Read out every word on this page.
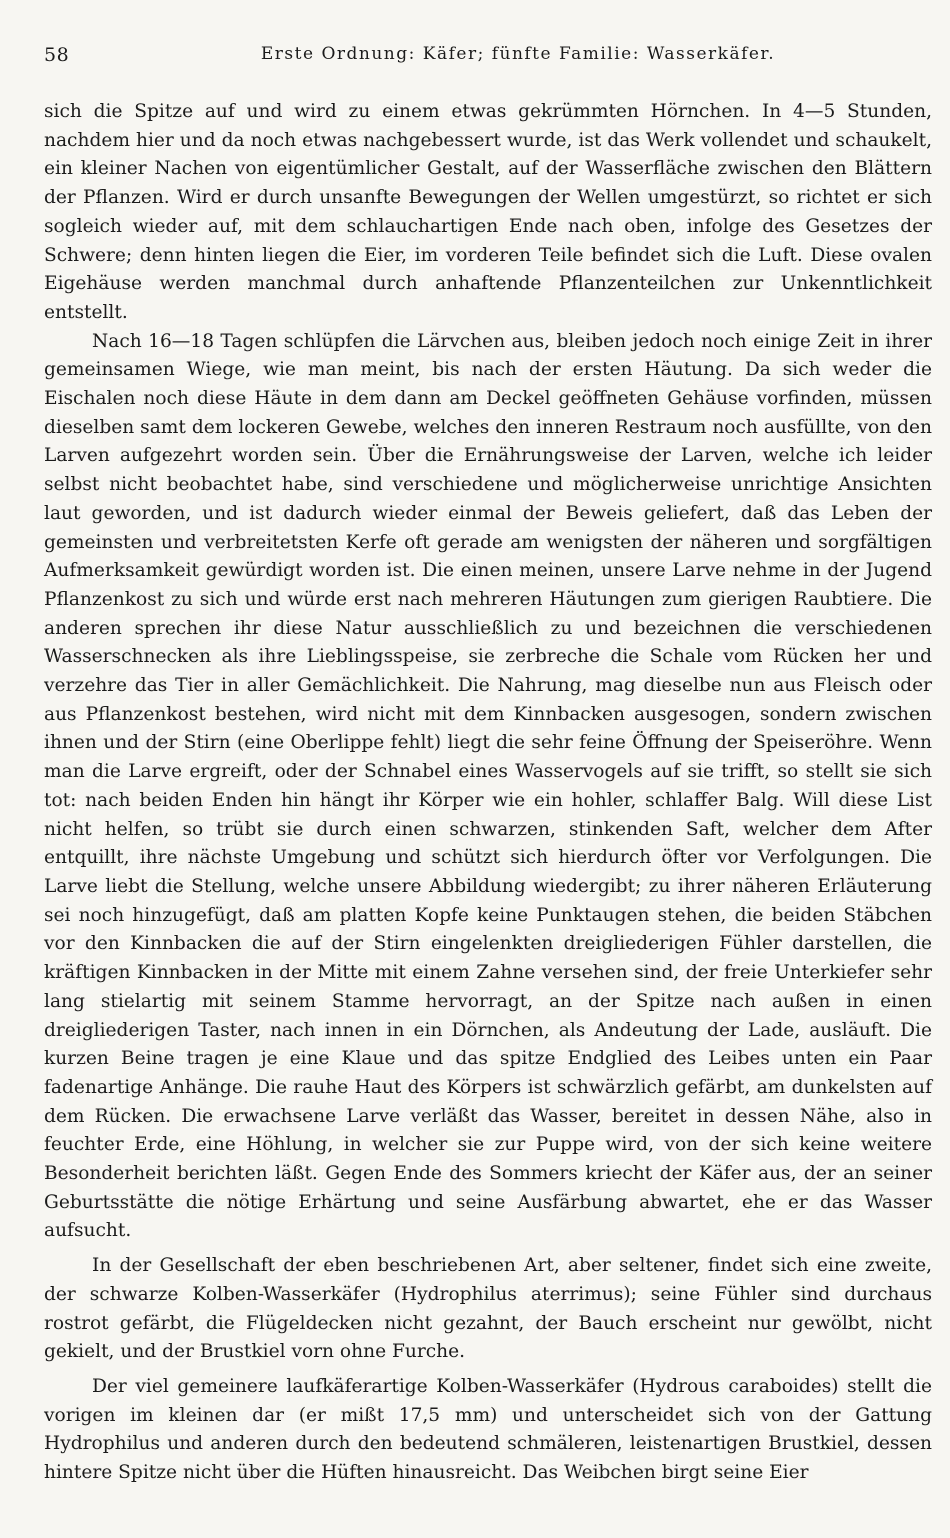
58	Erste Ordnung: Käfer; fünfte Familie: Wasserkäfer.

sich die Spitze auf und wird zu einem etwas gekrümmten Hörnchen. In 4—5 Stunden, nachdem hier und da noch etwas nachgebessert wurde, ist das Werk vollendet und schaukelt, ein kleiner Nachen von eigentümlicher Gestalt, auf der Wasserfläche zwischen den Blättern der Pflanzen. Wird er durch unsanfte Bewegungen der Wellen umgestürzt, so richtet er sich sogleich wieder auf, mit dem schlauchartigen Ende nach oben, infolge des Gesetzes der Schwere; denn hinten liegen die Eier, im vorderen Teile befindet sich die Luft. Diese ovalen Eigehäuse werden manchmal durch anhaftende Pflanzenteilchen zur Unkenntlichkeit entstellt.

Nach 16—18 Tagen schlüpfen die Lärvchen aus, bleiben jedoch noch einige Zeit in ihrer gemeinsamen Wiege, wie man meint, bis nach der ersten Häutung. Da sich weder die Eischalen noch diese Häute in dem dann am Deckel geöffneten Gehäuse vorfinden, müssen dieselben samt dem lockeren Gewebe, welches den inneren Restraum noch ausfüllte, von den Larven aufgezehrt worden sein. Über die Ernährungsweise der Larven, welche ich leider selbst nicht beobachtet habe, sind verschiedene und möglicherweise unrichtige Ansichten laut geworden, und ist dadurch wieder einmal der Beweis geliefert, daß das Leben der gemeinsten und verbreitetsten Kerfe oft gerade am wenigsten der näheren und sorgfältigen Aufmerksamkeit gewürdigt worden ist. Die einen meinen, unsere Larve nehme in der Jugend Pflanzenkost zu sich und würde erst nach mehreren Häutungen zum gierigen Raubtiere. Die anderen sprechen ihr diese Natur ausschließlich zu und bezeichnen die verschiedenen Wasserschnecken als ihre Lieblingsspeise, sie zerbreche die Schale vom Rücken her und verzehre das Tier in aller Gemächlichkeit. Die Nahrung, mag dieselbe nun aus Fleisch oder aus Pflanzenkost bestehen, wird nicht mit dem Kinnbacken ausgesogen, sondern zwischen ihnen und der Stirn (eine Oberlippe fehlt) liegt die sehr feine Öffnung der Speiseröhre. Wenn man die Larve ergreift, oder der Schnabel eines Wasservogels auf sie trifft, so stellt sie sich tot: nach beiden Enden hin hängt ihr Körper wie ein hohler, schlaffer Balg. Will diese List nicht helfen, so trübt sie durch einen schwarzen, stinkenden Saft, welcher dem After entquillt, ihre nächste Umgebung und schützt sich hierdurch öfter vor Verfolgungen. Die Larve liebt die Stellung, welche unsere Abbildung wiedergibt; zu ihrer näheren Erläuterung sei noch hinzugefügt, daß am platten Kopfe keine Punktaugen stehen, die beiden Stäbchen vor den Kinnbacken die auf der Stirn eingelenkten dreigliederigen Fühler darstellen, die kräftigen Kinnbacken in der Mitte mit einem Zahne versehen sind, der freie Unterkiefer sehr lang stielartig mit seinem Stamme hervorragt, an der Spitze nach außen in einen dreigliederigen Taster, nach innen in ein Dörnchen, als Andeutung der Lade, ausläuft. Die kurzen Beine tragen je eine Klaue und das spitze Endglied des Leibes unten ein Paar fadenartige Anhänge. Die rauhe Haut des Körpers ist schwärzlich gefärbt, am dunkelsten auf dem Rücken. Die erwachsene Larve verläßt das Wasser, bereitet in dessen Nähe, also in feuchter Erde, eine Höhlung, in welcher sie zur Puppe wird, von der sich keine weitere Besonderheit berichten läßt. Gegen Ende des Sommers kriecht der Käfer aus, der an seiner Geburtsstätte die nötige Erhärtung und seine Ausfärbung abwartet, ehe er das Wasser aufsucht.

In der Gesellschaft der eben beschriebenen Art, aber seltener, findet sich eine zweite, der schwarze Kolben-Wasserkäfer (Hydrophilus aterrimus); seine Fühler sind durchaus rostrot gefärbt, die Flügeldecken nicht gezahnt, der Bauch erscheint nur gewölbt, nicht gekielt, und der Brustkiel vorn ohne Furche.

Der viel gemeinere laufkäferartige Kolben-Wasserkäfer (Hydrous caraboides) stellt die vorigen im kleinen dar (er mißt 17,5 mm) und unterscheidet sich von der Gattung Hydrophilus und anderen durch den bedeutend schmäleren, leistenartigen Brustkiel, dessen hintere Spitze nicht über die Hüften hinausreicht. Das Weibchen birgt seine Eier
